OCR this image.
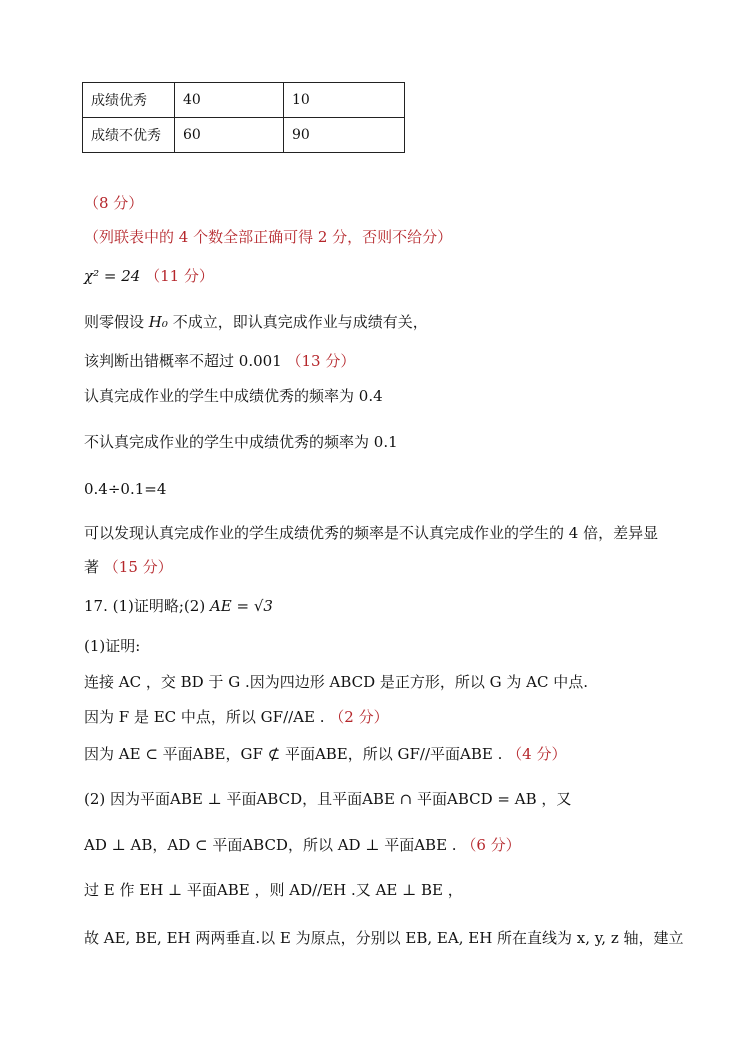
成绩优秀	40	10
成绩不优秀	60	90
（8 分）
（列联表中的 4 个数全部正确可得 2 分，否则不给分）
χ² = 24 （11 分）
则零假设 H₀ 不成立，即认真完成作业与成绩有关，
该判断出错概率不超过 0.001 （13 分）
认真完成作业的学生中成绩优秀的频率为 0.4
不认真完成作业的学生中成绩优秀的频率为 0.1
0.4÷0.1=4
可以发现认真完成作业的学生成绩优秀的频率是不认真完成作业的学生的 4 倍，差异显
著 （15 分）
17. (1)证明略;(2) AE = √3
(1)证明:
连接 AC ，交 BD 于 G .因为四边形 ABCD 是正方形，所以 G 为 AC 中点.
因为 F 是 EC 中点，所以 GF//AE . （2 分）
因为 AE ⊂ 平面ABE，GF ⊄ 平面ABE，所以 GF//平面ABE . （4 分）
(2) 因为平面ABE ⊥ 平面ABCD，且平面ABE ∩ 平面ABCD = AB ，又
AD ⊥ AB，AD ⊂ 平面ABCD，所以 AD ⊥ 平面ABE . （6 分）
过 E 作 EH ⊥ 平面ABE ，则 AD//EH .又 AE ⊥ BE ，
故 AE, BE, EH 两两垂直.以 E 为原点，分别以 EB, EA, EH 所在直线为 x, y, z 轴，建立
